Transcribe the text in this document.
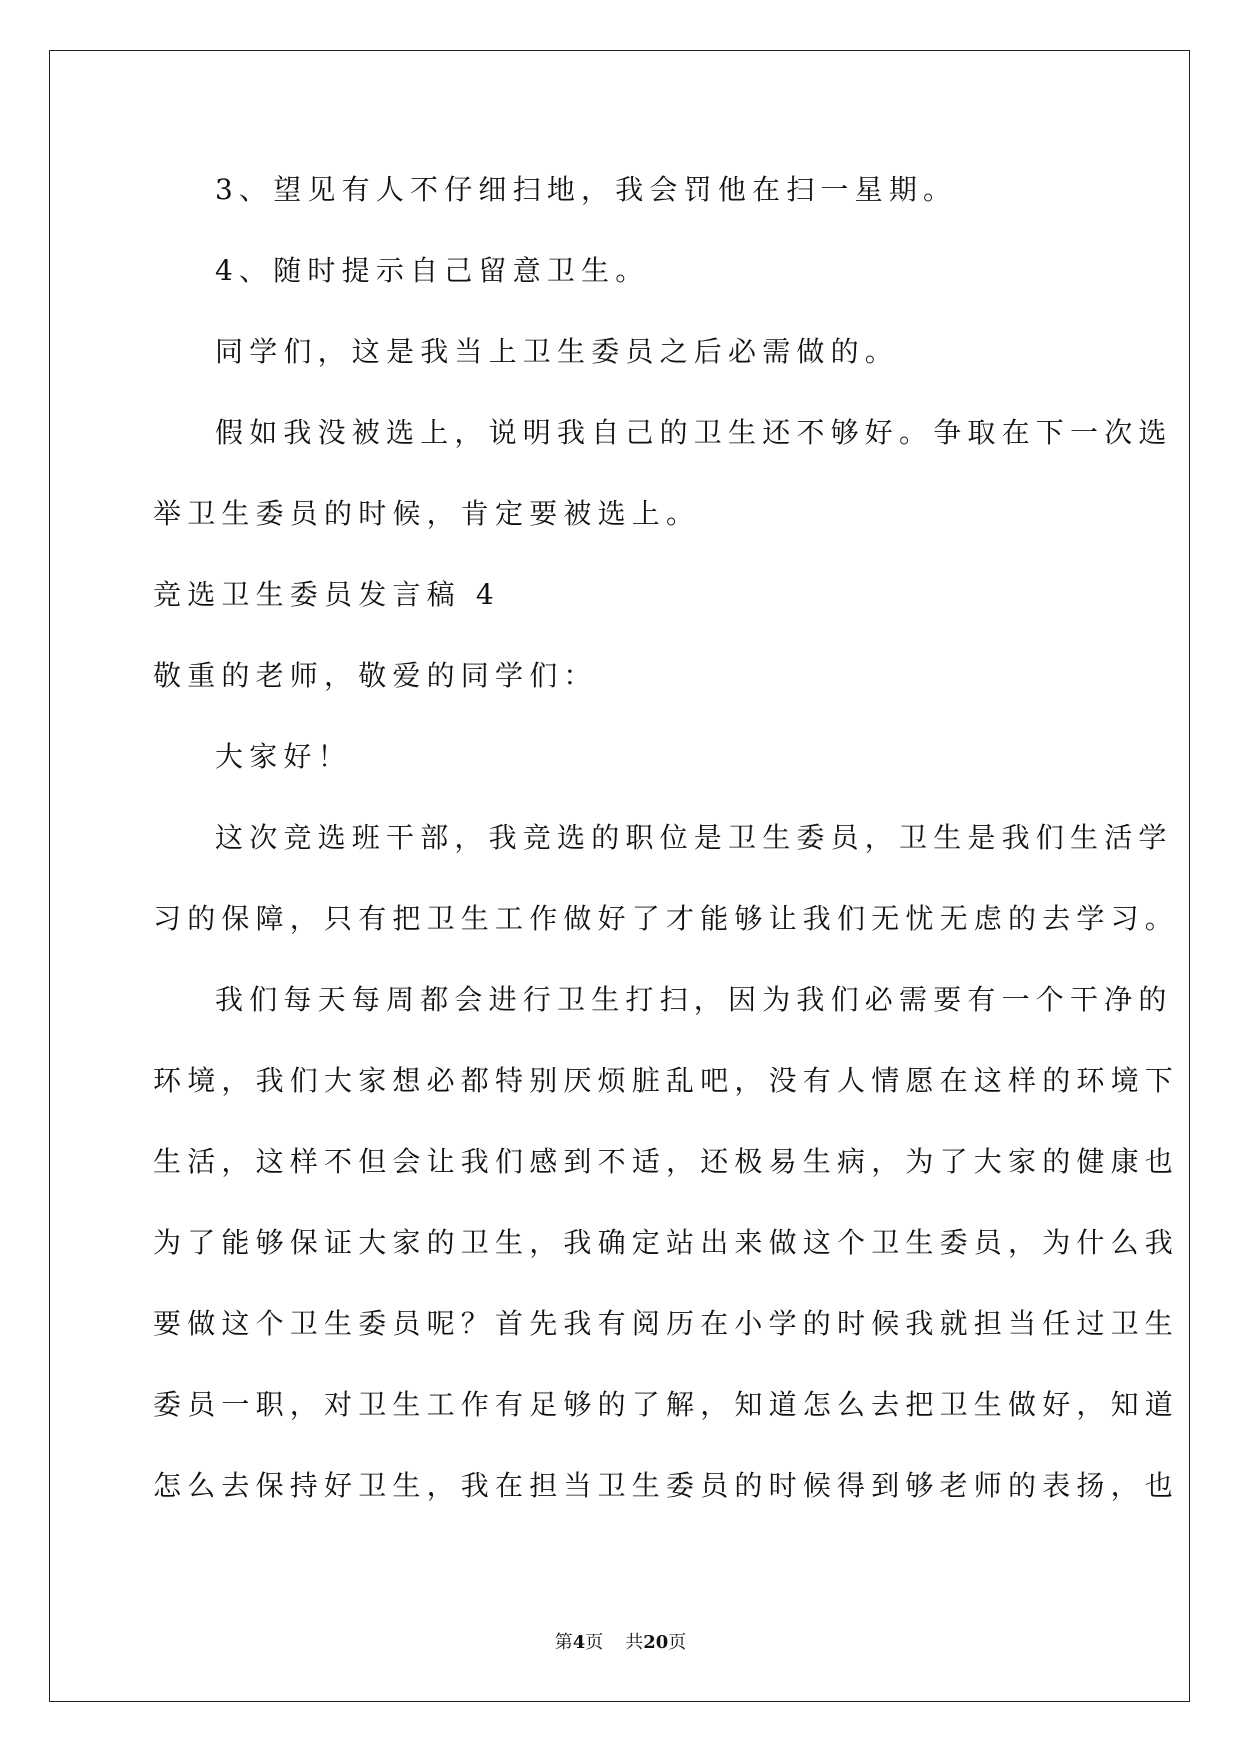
3、望见有人不仔细扫地，我会罚他在扫一星期。
4、随时提示自己留意卫生。
同学们，这是我当上卫生委员之后必需做的。
假如我没被选上，说明我自己的卫生还不够好。争取在下一次选
举卫生委员的时候，肯定要被选上。
竞选卫生委员发言稿 4
敬重的老师，敬爱的同学们：
大家好！
这次竞选班干部，我竞选的职位是卫生委员，卫生是我们生活学
习的保障，只有把卫生工作做好了才能够让我们无忧无虑的去学习。
我们每天每周都会进行卫生打扫，因为我们必需要有一个干净的
环境，我们大家想必都特别厌烦脏乱吧，没有人情愿在这样的环境下
生活，这样不但会让我们感到不适，还极易生病，为了大家的健康也
为了能够保证大家的卫生，我确定站出来做这个卫生委员，为什么我
要做这个卫生委员呢？首先我有阅历在小学的时候我就担当任过卫生
委员一职，对卫生工作有足够的了解，知道怎么去把卫生做好，知道
怎么去保持好卫生，我在担当卫生委员的时候得到够老师的表扬，也
第4页 共20页
